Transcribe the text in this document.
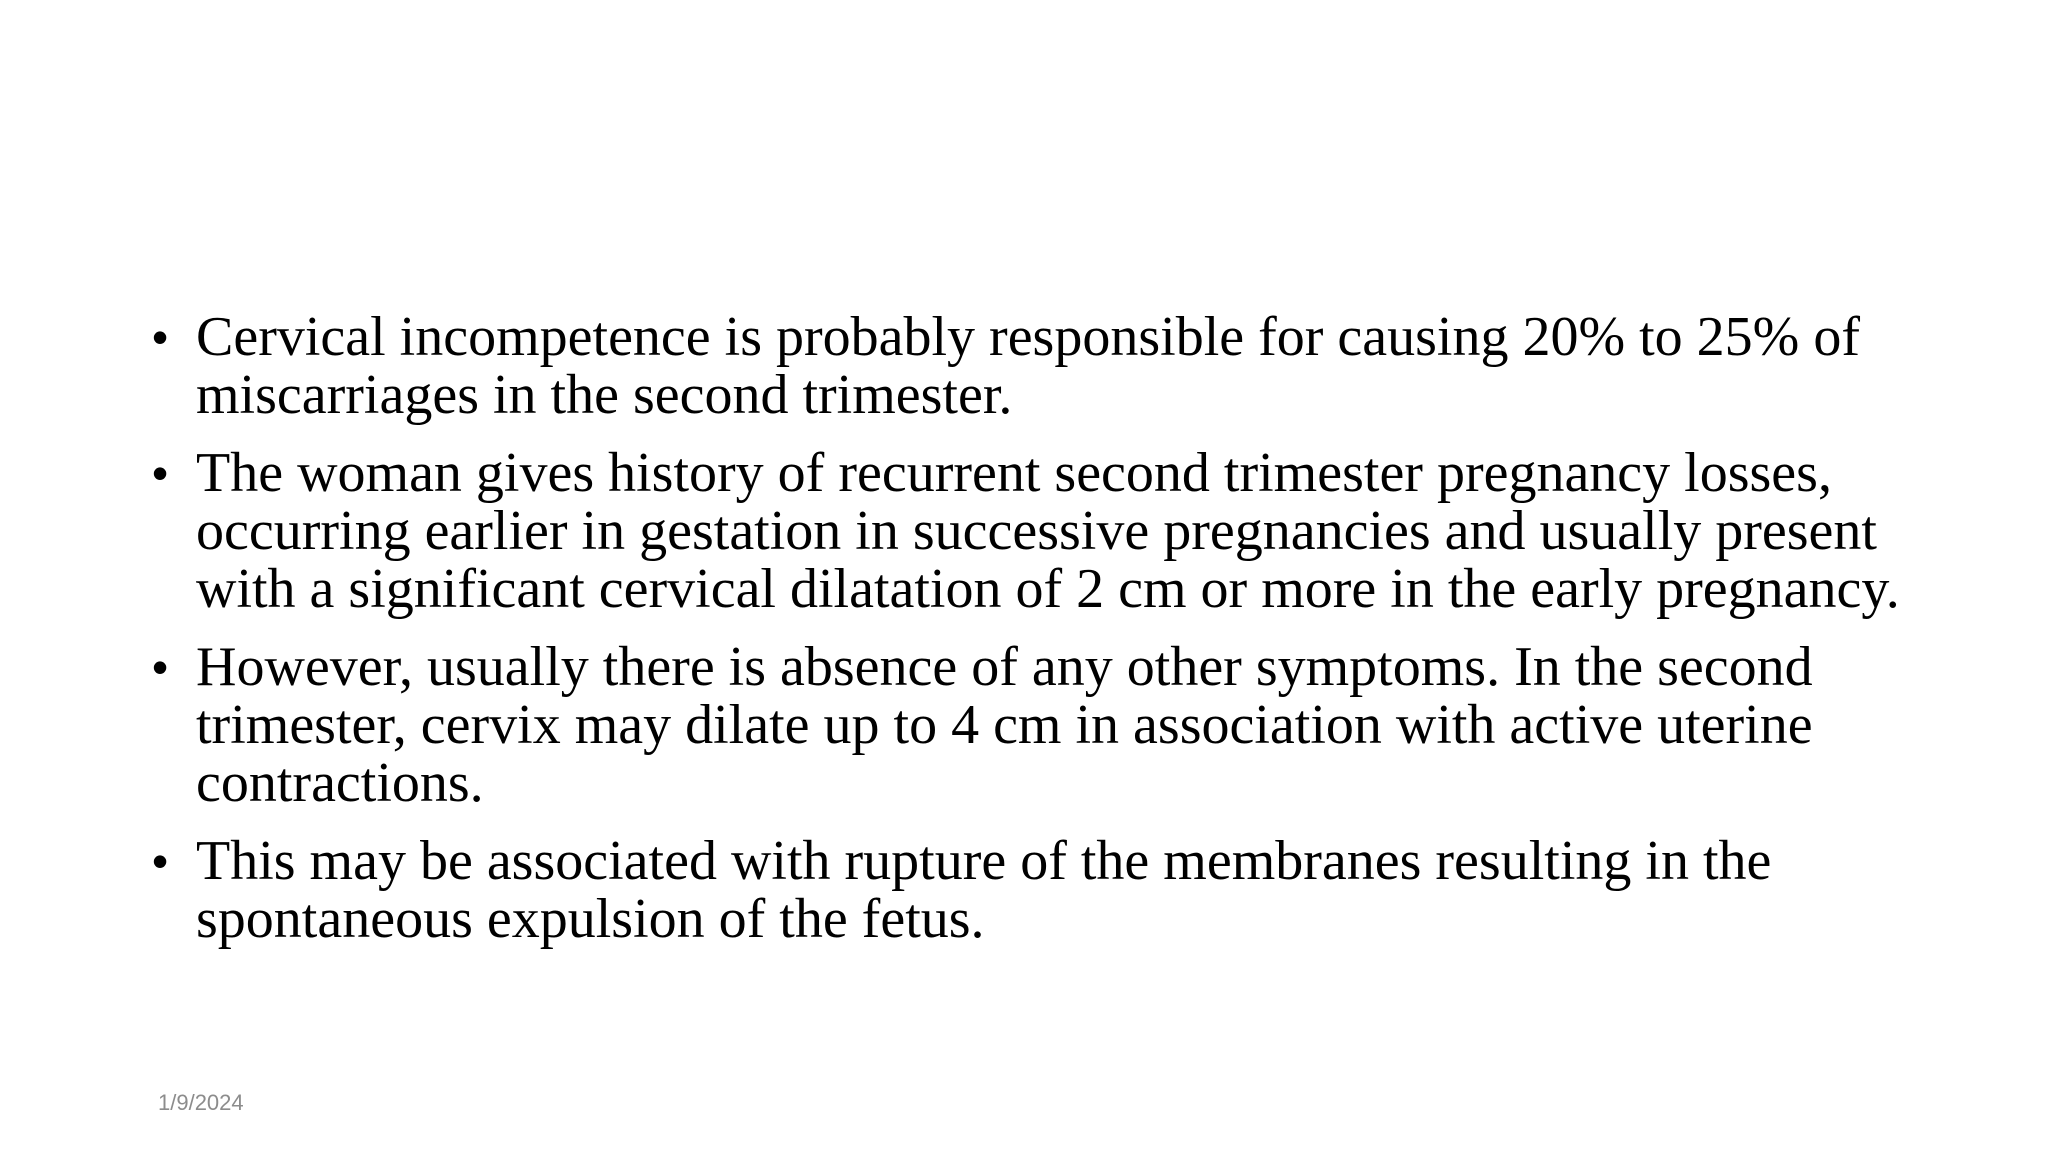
• Cervical incompetence is probably responsible for causing 20% to 25% of miscarriages in the second trimester.
• The woman gives history of recurrent second trimester pregnancy losses, occurring earlier in gestation in successive pregnancies and usually present with a significant cervical dilatation of 2 cm or more in the early pregnancy.
• However, usually there is absence of any other symptoms. In the second trimester, cervix may dilate up to 4 cm in association with active uterine contractions.
• This may be associated with rupture of the membranes resulting in the spontaneous expulsion of the fetus.
1/9/2024
